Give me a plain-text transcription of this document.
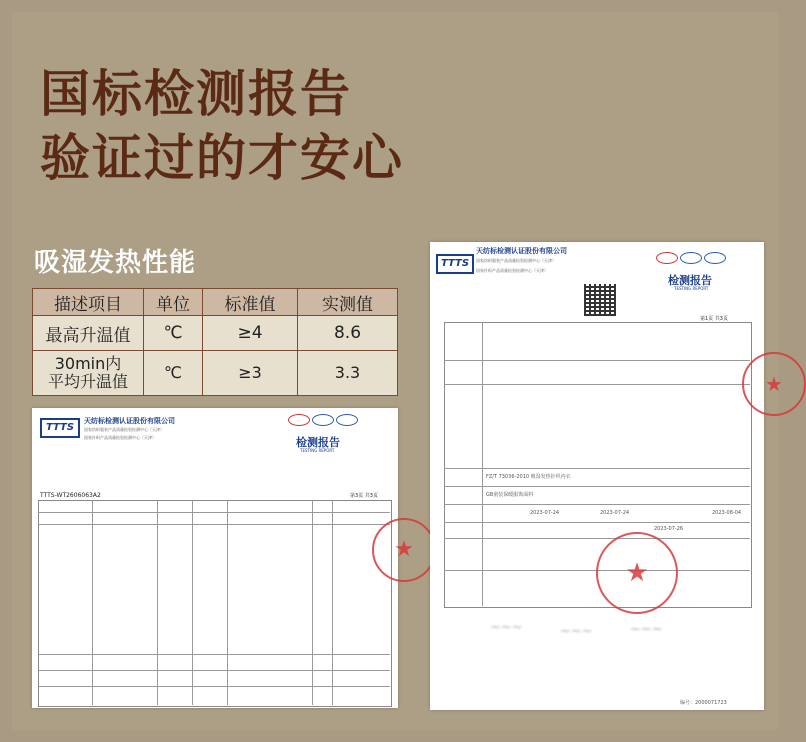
国标检测报告
验证过的才安心
吸湿发热性能
描述项目	单位	标准值	实测值
最高升温值	℃	≥4	8.6

30min内
平均升温值	℃	≥3	3.3
TTTS
天纺标检测认证股份有限公司
国家纺织服装产品质量检验检测中心（天津）
国家针织产品质量检验检测中心（天津）	检测报告
TESTING REPORT
TTTS-WT2606063A2	第3页 共3页
★
TTTS
天纺标检测认证股份有限公司
国家纺织服装产品质量检验检测中心（天津）
国家针织产品质量检验检测中心（天津）
检测报告
TESTING REPORT
第1页 共3页
FZ/T 73036-2010 吸湿发热针织内衣
GB童装保暖服饰面料
2023-07-24	2023-07-24
2023-07-26
2023-08-04
★
★
~~~	~~~	~~~
编号：2000071723
